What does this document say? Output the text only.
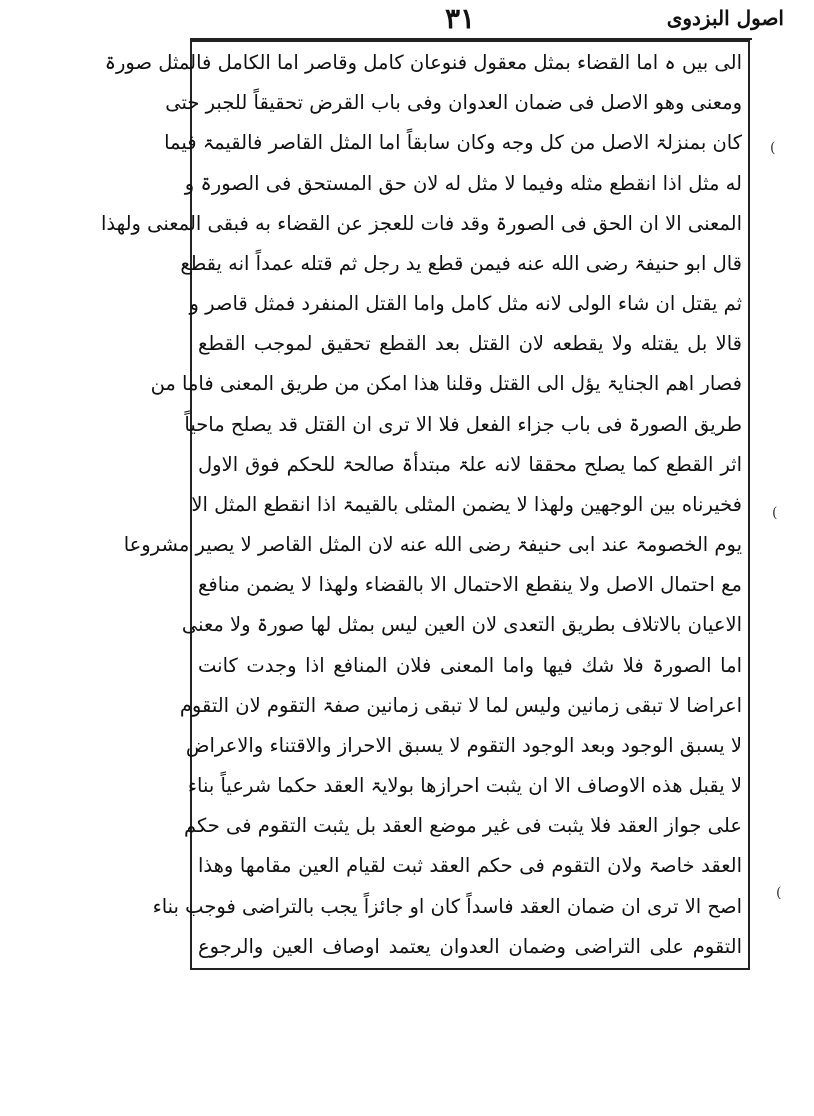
اصول البزدوی
٣١
الی بیں ہ اما القضاء بمثل معقول فنوعان کامل وقاصر اما الکامل فالمثل صورۃ
ومعنی وهو الاصل فی ضمان العدوان وفی باب القرض تحقیقاً للجبر حتی
کان بمنزلۃ الاصل من کل وجه وکان سابقاً اما المثل القاصر فالقیمۃ فیما
له مثل اذا انقطع مثله وفیما لا مثل له لان حق المستحق فی الصورۃ و
المعنی الا ان الحق فی الصورۃ وقد فات للعجز عن القضاء به فبقی المعنی ولهذا
قال ابو حنیفۃ رضی الله عنه فیمن قطع ید رجل ثم قتله عمداً انه یقطع
ثم یقتل ان شاء الولی لانه مثل کامل واما القتل المنفرد فمثل قاصر و
قالا بل یقتله ولا یقطعه لان القتل بعد القطع تحقیق لموجب القطع
فصار اهم الجنایۃ یؤل الی القتل وقلنا هذا امکن من طریق المعنی فاما من
طریق الصورۃ فی باب جزاء الفعل فلا الا تری ان القتل قد یصلح ماحیاً
اثر القطع کما یصلح محققا لانه علۃ مبتدأۃ صالحۃ للحکم فوق الاول
فخیرناه بین الوجهین ولهذا لا یضمن المثلی بالقیمۃ اذا انقطع المثل الا
یوم الخصومۃ عند ابی حنیفۃ رضی الله عنه لان المثل القاصر لا یصیر مشروعا
مع احتمال الاصل ولا ینقطع الاحتمال الا بالقضاء ولهذا لا یضمن منافع
الاعیان بالاتلاف بطریق التعدی لان العین لیس بمثل لها صورۃ ولا معنی
اما الصورۃ فلا شك فیها واما المعنی فلان المنافع اذا وجدت کانت
اعراضا لا تبقی زمانین ولیس لما لا تبقی زمانین صفۃ التقوم لان التقوم
لا یسبق الوجود وبعد الوجود التقوم لا یسبق الاحراز والاقتناء والاعراض
لا یقبل هذه الاوصاف الا ان یثبت احرازها بولایۃ العقد حکما شرعیاً بناء
علی جواز العقد فلا یثبت فی غیر موضع العقد بل یثبت التقوم فی حکم
العقد خاصۃ ولان التقوم فی حکم العقد ثبت لقیام العین مقامها وهذا
اصح الا تری ان ضمان العقد فاسداً کان او جائزاً یجب بالتراضی فوجب بناء
التقوم علی التراضی وضمان العدوان یعتمد اوصاف العین والرجوع
(
(
(
